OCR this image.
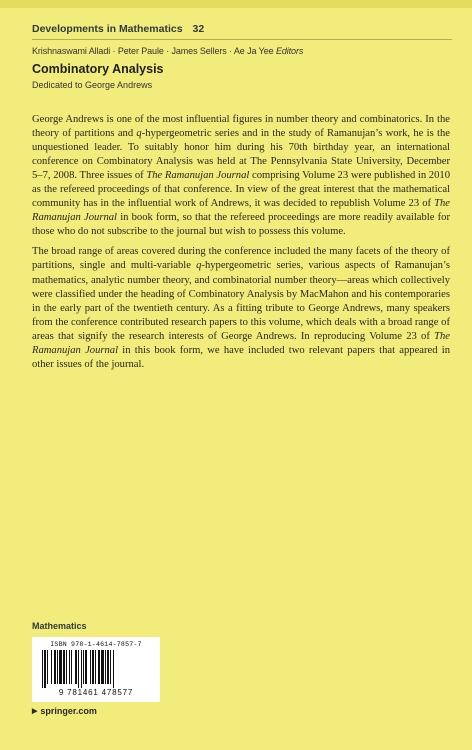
Developments in Mathematics 32
Krishnaswami Alladi · Peter Paule · James Sellers · Ae Ja Yee Editors
Combinatory Analysis
Dedicated to George Andrews

George Andrews is one of the most influential figures in number theory and combinatorics. In the theory of partitions and q-hypergeometric series and in the study of Ramanujan’s work, he is the unquestioned leader. To suitably honor him during his 70th birthday year, an international conference on Combinatory Analysis was held at The Pennsylvania State University, December 5–7, 2008. Three issues of The Ramanujan Journal comprising Volume 23 were published in 2010 as the refereed proceedings of that conference. In view of the great interest that the mathematical community has in the influential work of Andrews, it was decided to republish Volume 23 of The Ramanujan Journal in book form, so that the refereed proceedings are more readily available for those who do not subscribe to the journal but wish to possess this volume.

The broad range of areas covered during the conference included the many facets of the theory of partitions, single and multi-variable q-hypergeometric series, various aspects of Ramanujan’s mathematics, analytic number theory, and combinatorial number theory—areas which collectively were classified under the heading of Combinatory Analysis by MacMahon and his contemporaries in the early part of the twentieth century. As a fitting tribute to George Andrews, many speakers from the conference contributed research papers to this volume, which deals with a broad range of areas that signify the research interests of George Andrews. In reproducing Volume 23 of The Ramanujan Journal in this book form, we have included two relevant papers that appeared in other issues of the journal.

Mathematics
ISBN 978-1-4614-7857-7
9 781461 478577
▶ springer.com
